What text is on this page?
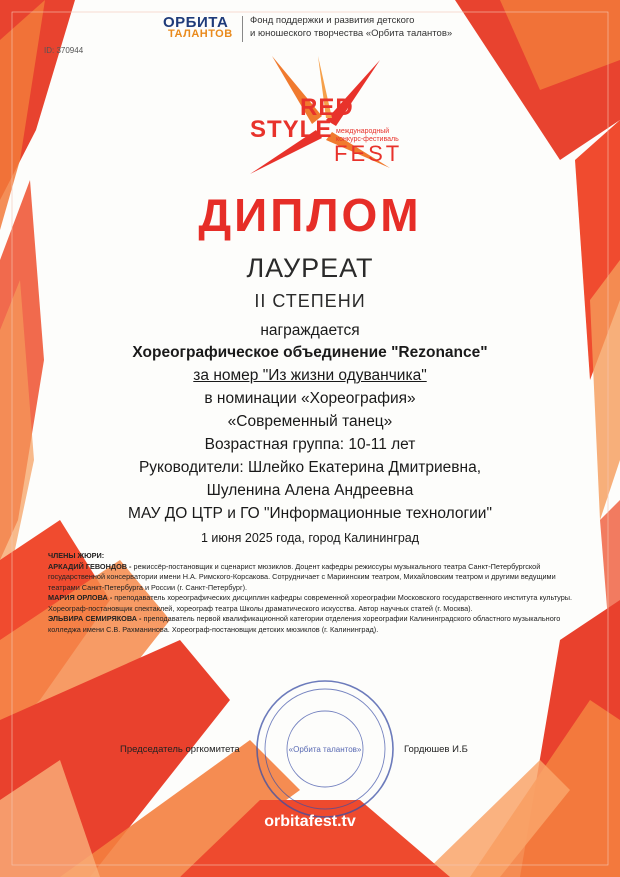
ОРБИТА
ТАЛАНТОВ
Фонд поддержки и развития детского
и юношеского творчества «Орбита талантов»
ID: 370944
RED
STYLE международный
конкурс-фестиваль
FEST
ДИПЛОМ
ЛАУРЕАТ
II СТЕПЕНИ
награждается
Хореографическое объединение "Rezonance"
за номер "Из жизни одуванчика"
в номинации «Хореография»
«Современный танец»
Возрастная группа: 10-11 лет
Руководители: Шлейко Екатерина Дмитриевна,
Шуленина Алена Андреевна
МАУ ДО ЦТР и ГО "Информационные технологии"
1 июня 2025 года, город Калининград

ЧЛЕНЫ ЖЮРИ:

АРКАДИЙ ГЕВОНДОВ - режиссёр-постановщик и сценарист мюзиклов. Доцент кафедры режиссуры музыкального театра Санкт-Петербургской государственной консерватории имени Н.А. Римского-Корсакова. Сотрудничает с Мариинским театром, Михайловским театром и другими ведущими театрами Санкт-Петербурга и России (г. Санкт-Петербург).

МАРИЯ ОРЛОВА - преподаватель хореографических дисциплин кафедры современной хореографии Московского государственного института культуры. Хореограф-постановщик спектаклей, хореограф театра Школы драматического искусства. Автор научных статей (г. Москва).

ЭЛЬВИРА СЕМИРЯКОВА - преподаватель первой квалификационной категории отделения хореографии Калининградского областного музыкального колледжа имени С.В. Рахманинова. Хореограф-постановщик детских мюзиклов (г. Калининград).

«Орбита талантов»
Председатель оргкомитета	Гордюшев И.Б
orbitafest.tv
